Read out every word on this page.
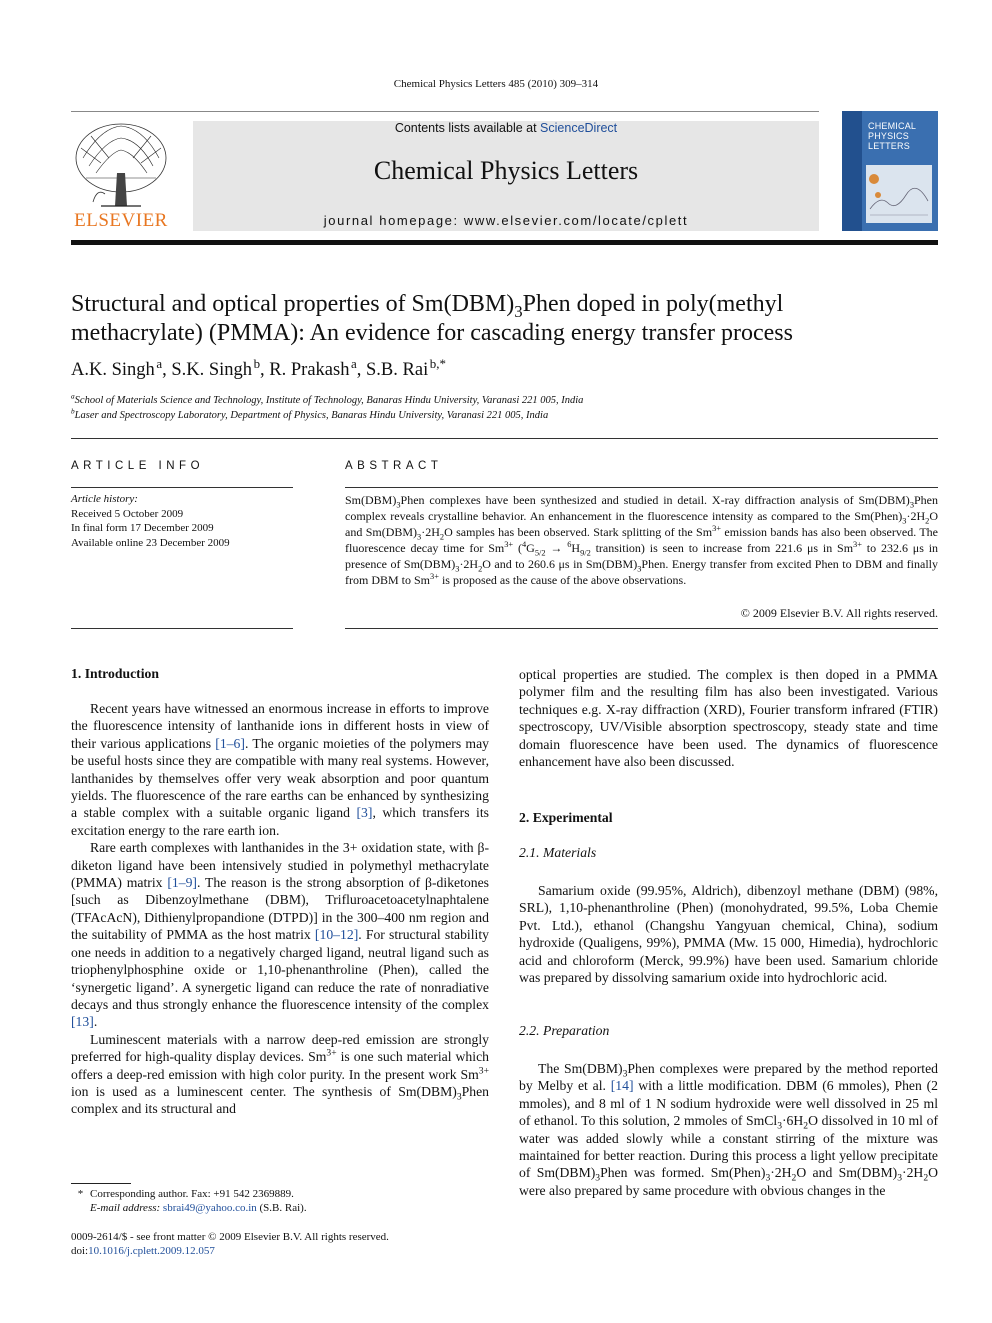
Chemical Physics Letters 485 (2010) 309–314
ELSEVIER
Contents lists available at ScienceDirect
Chemical Physics Letters
journal homepage: www.elsevier.com/locate/cplett
CHEMICAL PHYSICS LETTERS
Structural and optical properties of $Sm(DBM)_3Phen$ doped in poly(methyl
methacrylate) (PMMA): An evidence for cascading energy transfer process
A.K. Singh  $^a$, S.K. Singh  $^b$, R. Prakash  $^a$, S.B. Rai  $^{b,*}$
$^a$School of Materials Science and Technology, Institute of Technology, Banaras Hindu University, Varanasi 221 005, India
$^b$Laser and Spectroscopy Laboratory, Department of Physics, Banaras Hindu University, Varanasi 221 005, India
ARTICLE INFO
Article history:
Received 5 October 2009
In final form 17 December 2009
Available online 23 December 2009
ABSTRACT
$Sm(DBM)_3Phen$ complexes have been synthesized and studied in detail. X-ray diffraction analysis of $Sm(DBM)_3Phen$ complex reveals crystalline behavior. An enhancement in the fluorescence intensity as compared to the $Sm(Phen)_3\cdot 2H_2O$ and $Sm(DBM)_3\cdot 2H_2O$ samples has been observed. Stark splitting of the $Sm^{3+}$ emission bands has also been observed. The fluorescence decay time for $Sm^{3+}$ ($^4G_{5/2} \to ^6H_{9/2}$ transition) is seen to increase from 221.6 μs in $Sm^{3+}$ to 232.6 μs in presence of $Sm(DBM)_3\cdot 2H_2O$ and to 260.6 μs in $Sm(DBM)_3Phen$. Energy transfer from excited Phen to DBM and finally from DBM to $Sm^{3+}$ is proposed as the cause of the above observations.
© 2009 Elsevier B.V. All rights reserved.
1. Introduction

Recent years have witnessed an enormous increase in efforts to improve the fluorescence intensity of lanthanide ions in different hosts in view of their various applications [1–6]. The organic moieties of the polymers may be useful hosts since they are compatible with many real systems. However, lanthanides by themselves offer very weak absorption and poor quantum yields. The fluorescence of the rare earths can be enhanced by synthesizing a stable complex with a suitable organic ligand [3], which transfers its excitation energy to the rare earth ion.

Rare earth complexes with lanthanides in the 3+ oxidation state, with β-diketon ligand have been intensively studied in polymethyl methacrylate (PMMA) matrix [1–9]. The reason is the strong absorption of β-diketones [such as Dibenzoylmethane (DBM), Trifluroacetoacetylnaphtalene (TFAcAcN), Dithienylpropandione (DTPD)] in the 300–400 nm region and the suitability of PMMA as the host matrix [10–12]. For structural stability one needs in addition to a negatively charged ligand, neutral ligand such as triophenylphosphine oxide or 1,10-phenanthroline (Phen), called the ‘synergetic ligand’. A synergetic ligand can reduce the rate of nonradiative decays and thus strongly enhance the fluorescence intensity of the complex [13].

Luminescent materials with a narrow deep-red emission are strongly preferred for high-quality display devices. $Sm^{3+}$ is one such material which offers a deep-red emission with high color purity. In the present work $Sm^{3+}$ ion is used as a luminescent center. The synthesis of $Sm(DBM)_3Phen$ complex and its structural and

* Corresponding author. Fax: +91 542 2369889.
E-mail address: sbrai49@yahoo.co.in (S.B. Rai).
0009-2614/$ - see front matter © 2009 Elsevier B.V. All rights reserved.
doi:10.1016/j.cplett.2009.12.057

optical properties are studied. The complex is then doped in a PMMA polymer film and the resulting film has also been investigated. Various techniques e.g. X-ray diffraction (XRD), Fourier transform infrared (FTIR) spectroscopy, UV/Visible absorption spectroscopy, steady state and time domain fluorescence have been used. The dynamics of fluorescence enhancement have also been discussed.

2. Experimental
2.1. Materials

Samarium oxide (99.95%, Aldrich), dibenzoyl methane (DBM) (98%, SRL), 1,10-phenanthroline (Phen) (monohydrated, 99.5%, Loba Chemie Pvt. Ltd.), ethanol (Changshu Yangyuan chemical, China), sodium hydroxide (Qualigens, 99%), PMMA (Mw. 15 000, Himedia), hydrochloric acid and chloroform (Merck, 99.9%) have been used. Samarium chloride was prepared by dissolving samarium oxide into hydrochloric acid.

2.2. Preparation

The $Sm(DBM)_3Phen$ complexes were prepared by the method reported by Melby et al. [14] with a little modification. DBM (6 mmoles), Phen (2 mmoles), and 8 ml of 1 N sodium hydroxide were well dissolved in 25 ml of ethanol. To this solution, 2 mmoles of $SmCl_3\cdot 6H_2O$ dissolved in 10 ml of water was added slowly while a constant stirring of the mixture was maintained for better reaction. During this process a light yellow precipitate of $Sm(DBM)_3Phen$ was formed. $Sm(Phen)_3\cdot 2H_2O$ and $Sm(DBM)_3\cdot 2H_2O$ were also prepared by same procedure with obvious changes in the
